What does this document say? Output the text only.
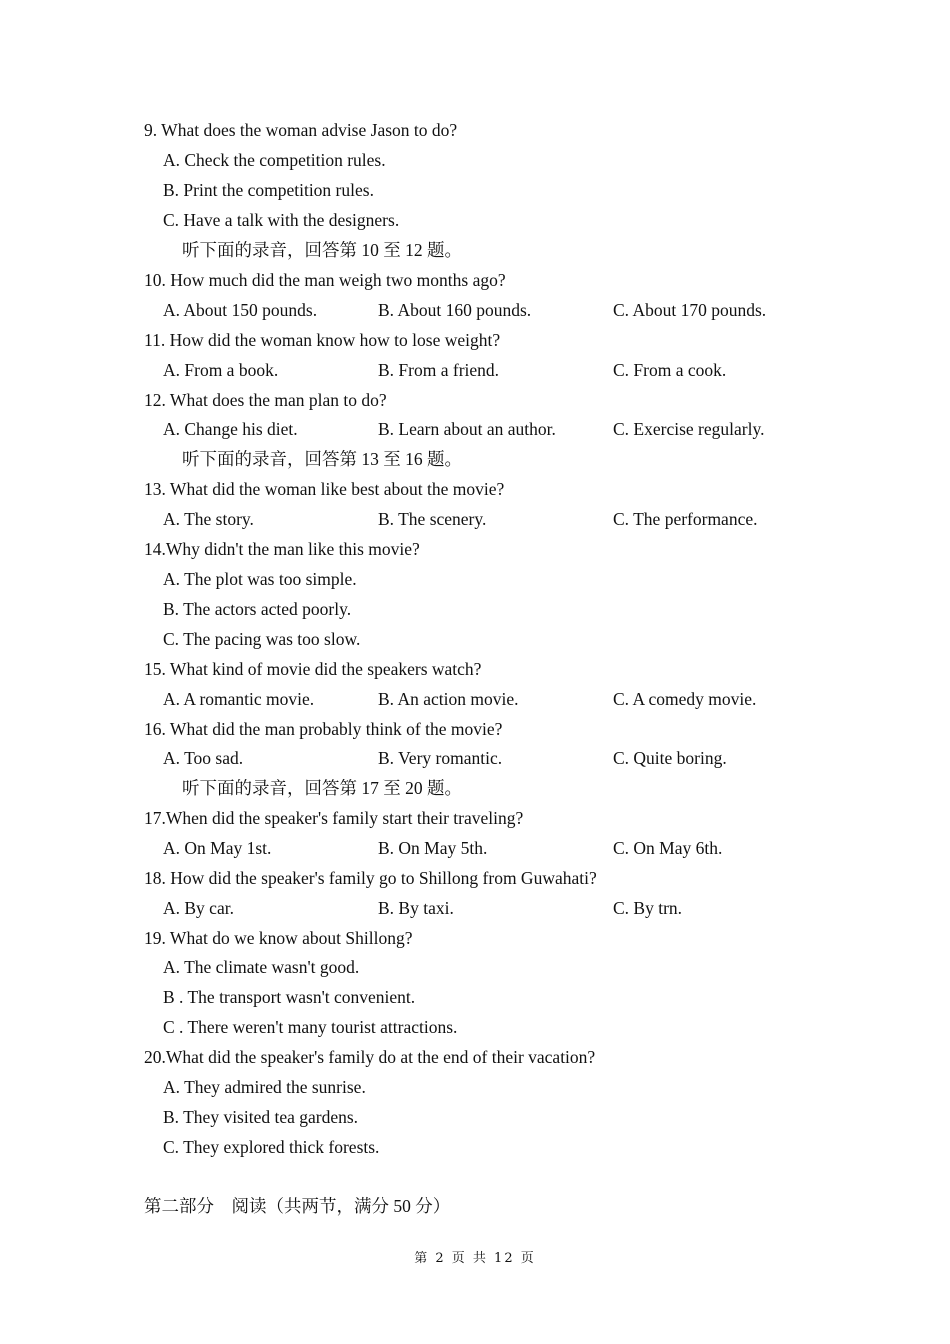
9. What does the woman advise Jason to do?
A. Check the competition rules.
B. Print the competition rules.
C. Have a talk with the designers.
听下面的录音，回答第 10 至 12 题。
10. How much did the man weigh two months ago?
A. About 150 pounds.	B. About 160 pounds.	C. About 170 pounds.
11. How did the woman know how to lose weight?
A. From a book.	B. From a friend.	C. From a cook.
12. What does the man plan to do?
A. Change his diet.	B. Learn about an author.	C. Exercise regularly.
听下面的录音，回答第 13 至 16 题。
13. What did the woman like best about the movie?
A. The story.	B. The scenery.	C. The performance.
14.Why didn't the man like this movie?
A. The plot was too simple.
B. The actors acted poorly.
C. The pacing was too slow.
15. What kind of movie did the speakers watch?
A. A romantic movie.	B. An action movie.	C. A comedy movie.
16. What did the man probably think of the movie?
A. Too sad.	B. Very romantic.	C. Quite boring.
听下面的录音，回答第 17 至 20 题。
17.When did the speaker's family start their traveling?
A. On May 1st.	B. On May 5th.	C. On May 6th.
18. How did the speaker's family go to Shillong from Guwahati?
A. By car.	B. By taxi.	C. By trn.
19. What do we know about Shillong?
A. The climate wasn't good.
B . The transport wasn't convenient.
C . There weren't many tourist attractions.
20.What did the speaker's family do at the end of their vacation?
A. They admired the sunrise.
B. They visited tea gardens.
C. They explored thick forests.
第二部分　阅读（共两节，满分 50 分）
第 2 页 共 12 页
